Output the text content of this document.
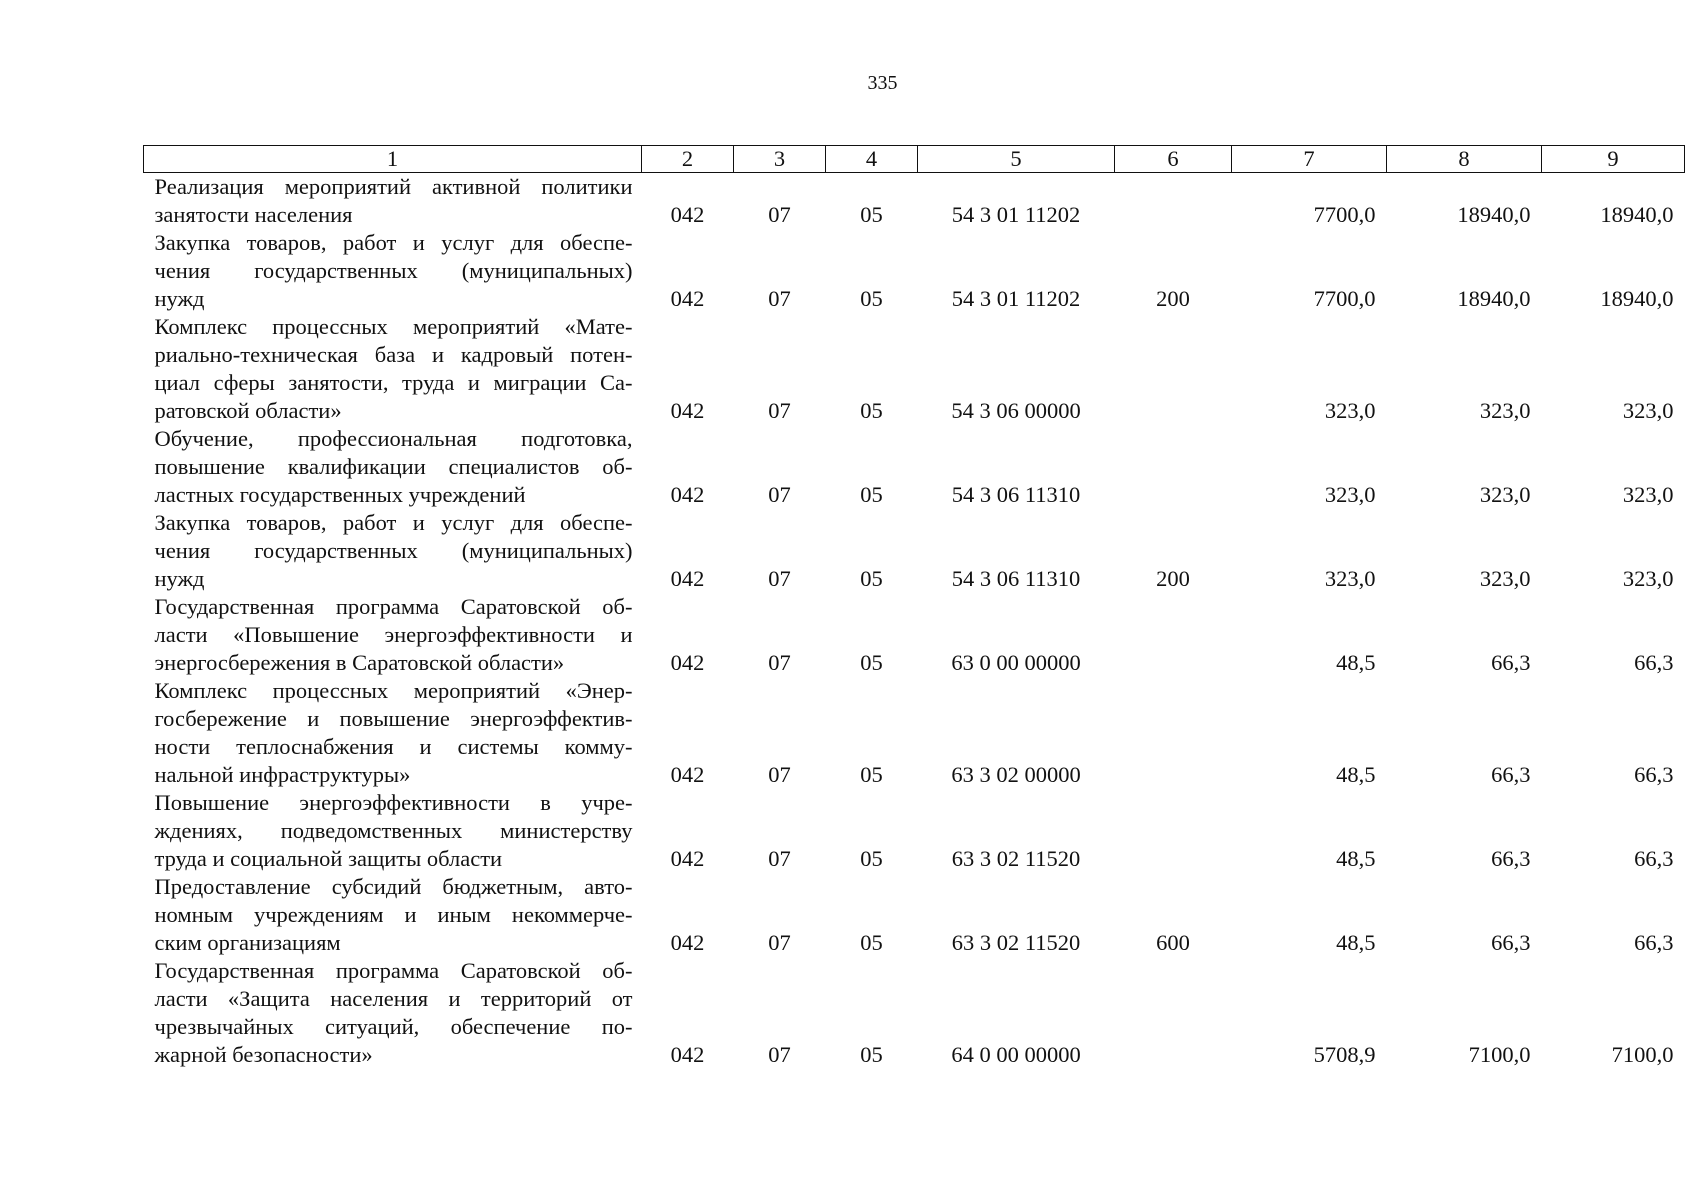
335
1	2	3	4	5	6	7	8	9

Реализация мероприятий активной политики
занятости населения	042	07	05	54 3 01 11202		7700,0	18940,0	18940,0

Закупка товаров, работ и услуг для обеспе-
чения государственных (муниципальных)
нужд	042	07	05	54 3 01 11202	200	7700,0	18940,0	18940,0

Комплекс процессных мероприятий «Мате-
риально-техническая база и кадровый потен-
циал сферы занятости, труда и миграции Са-
ратовской области»	042	07	05	54 3 06 00000		323,0	323,0	323,0

Обучение, профессиональная подготовка,
повышение квалификации специалистов об-
ластных государственных учреждений	042	07	05	54 3 06 11310		323,0	323,0	323,0

Закупка товаров, работ и услуг для обеспе-
чения государственных (муниципальных)
нужд	042	07	05	54 3 06 11310	200	323,0	323,0	323,0

Государственная программа Саратовской об-
ласти «Повышение энергоэффективности и
энергосбережения в Саратовской области»	042	07	05	63 0 00 00000		48,5	66,3	66,3

Комплекс процессных мероприятий «Энер-
госбережение и повышение энергоэффектив-
ности теплоснабжения и системы комму-
нальной инфраструктуры»	042	07	05	63 3 02 00000		48,5	66,3	66,3

Повышение энергоэффективности в учре-
ждениях, подведомственных министерству
труда и социальной защиты области	042	07	05	63 3 02 11520		48,5	66,3	66,3

Предоставление субсидий бюджетным, авто-
номным учреждениям и иным некоммерче-
ским организациям	042	07	05	63 3 02 11520	600	48,5	66,3	66,3

Государственная программа Саратовской об-
ласти «Защита населения и территорий от
чрезвычайных ситуаций, обеспечение по-
жарной безопасности»	042	07	05	64 0 00 00000		5708,9	7100,0	7100,0
